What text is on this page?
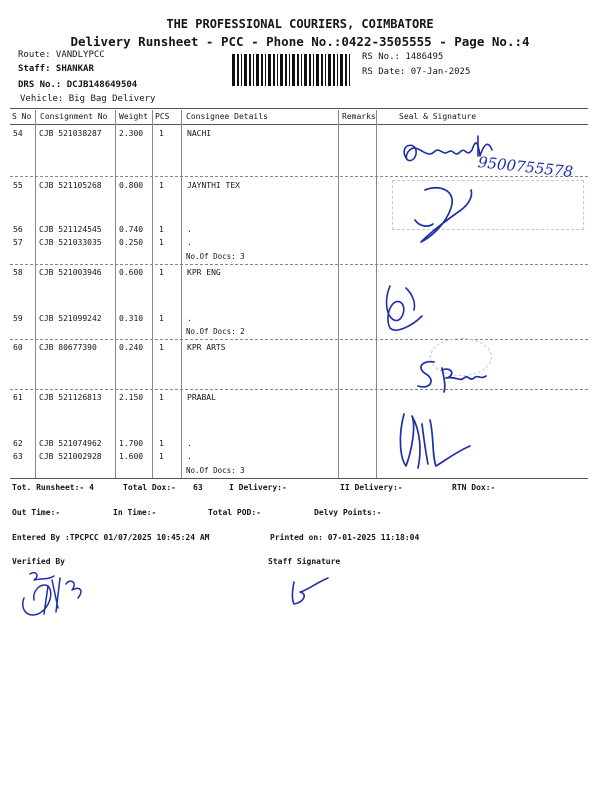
THE PROFESSIONAL COURIERS, COIMBATORE
Delivery Runsheet - PCC - Phone No.:0422-3505555 - Page No.:4
Route: VANDLYPCC
Staff: SHANKAR
DRS No.: DCJB148649504
Vehicle: Big Bag Delivery
RS No.: 1486495
RS Date: 07-Jan-2025
S No Consignment No Weight PCS Consignee Details	Remarks	Seal & Signature
54 CJB 521038287 2.300 1	NACHI
55 CJB 521105268 0.800 1	JAYNTHI TEX
56 CJB 521124545 0.740 1	.
57 CJB 521033035 0.250 1	.
No.Of Docs: 3
58 CJB 521003946 0.600 1	KPR ENG
59 CJB 521099242 0.310 1	.
No.Of Docs: 2
60 CJB 80677390	0.240 1	KPR ARTS
61 CJB 521126813 2.150 1	PRABAL
62 CJB 521074962 1.700 1	.
63 CJB 521002928 1.600 1	.
No.Of Docs: 3
9500755578
Tot. Runsheet:- 4	Total Dox:- 63	I Delivery:-	II Delivery:-	RTN Dox:-
Out Time:-	In Time:-	Total POD:-	Delvy Points:-
Entered By :TPCPCC 01/07/2025 10:45:24 AM	Printed on: 07-01-2025 11:18:04
Verified By	Staff Signature
